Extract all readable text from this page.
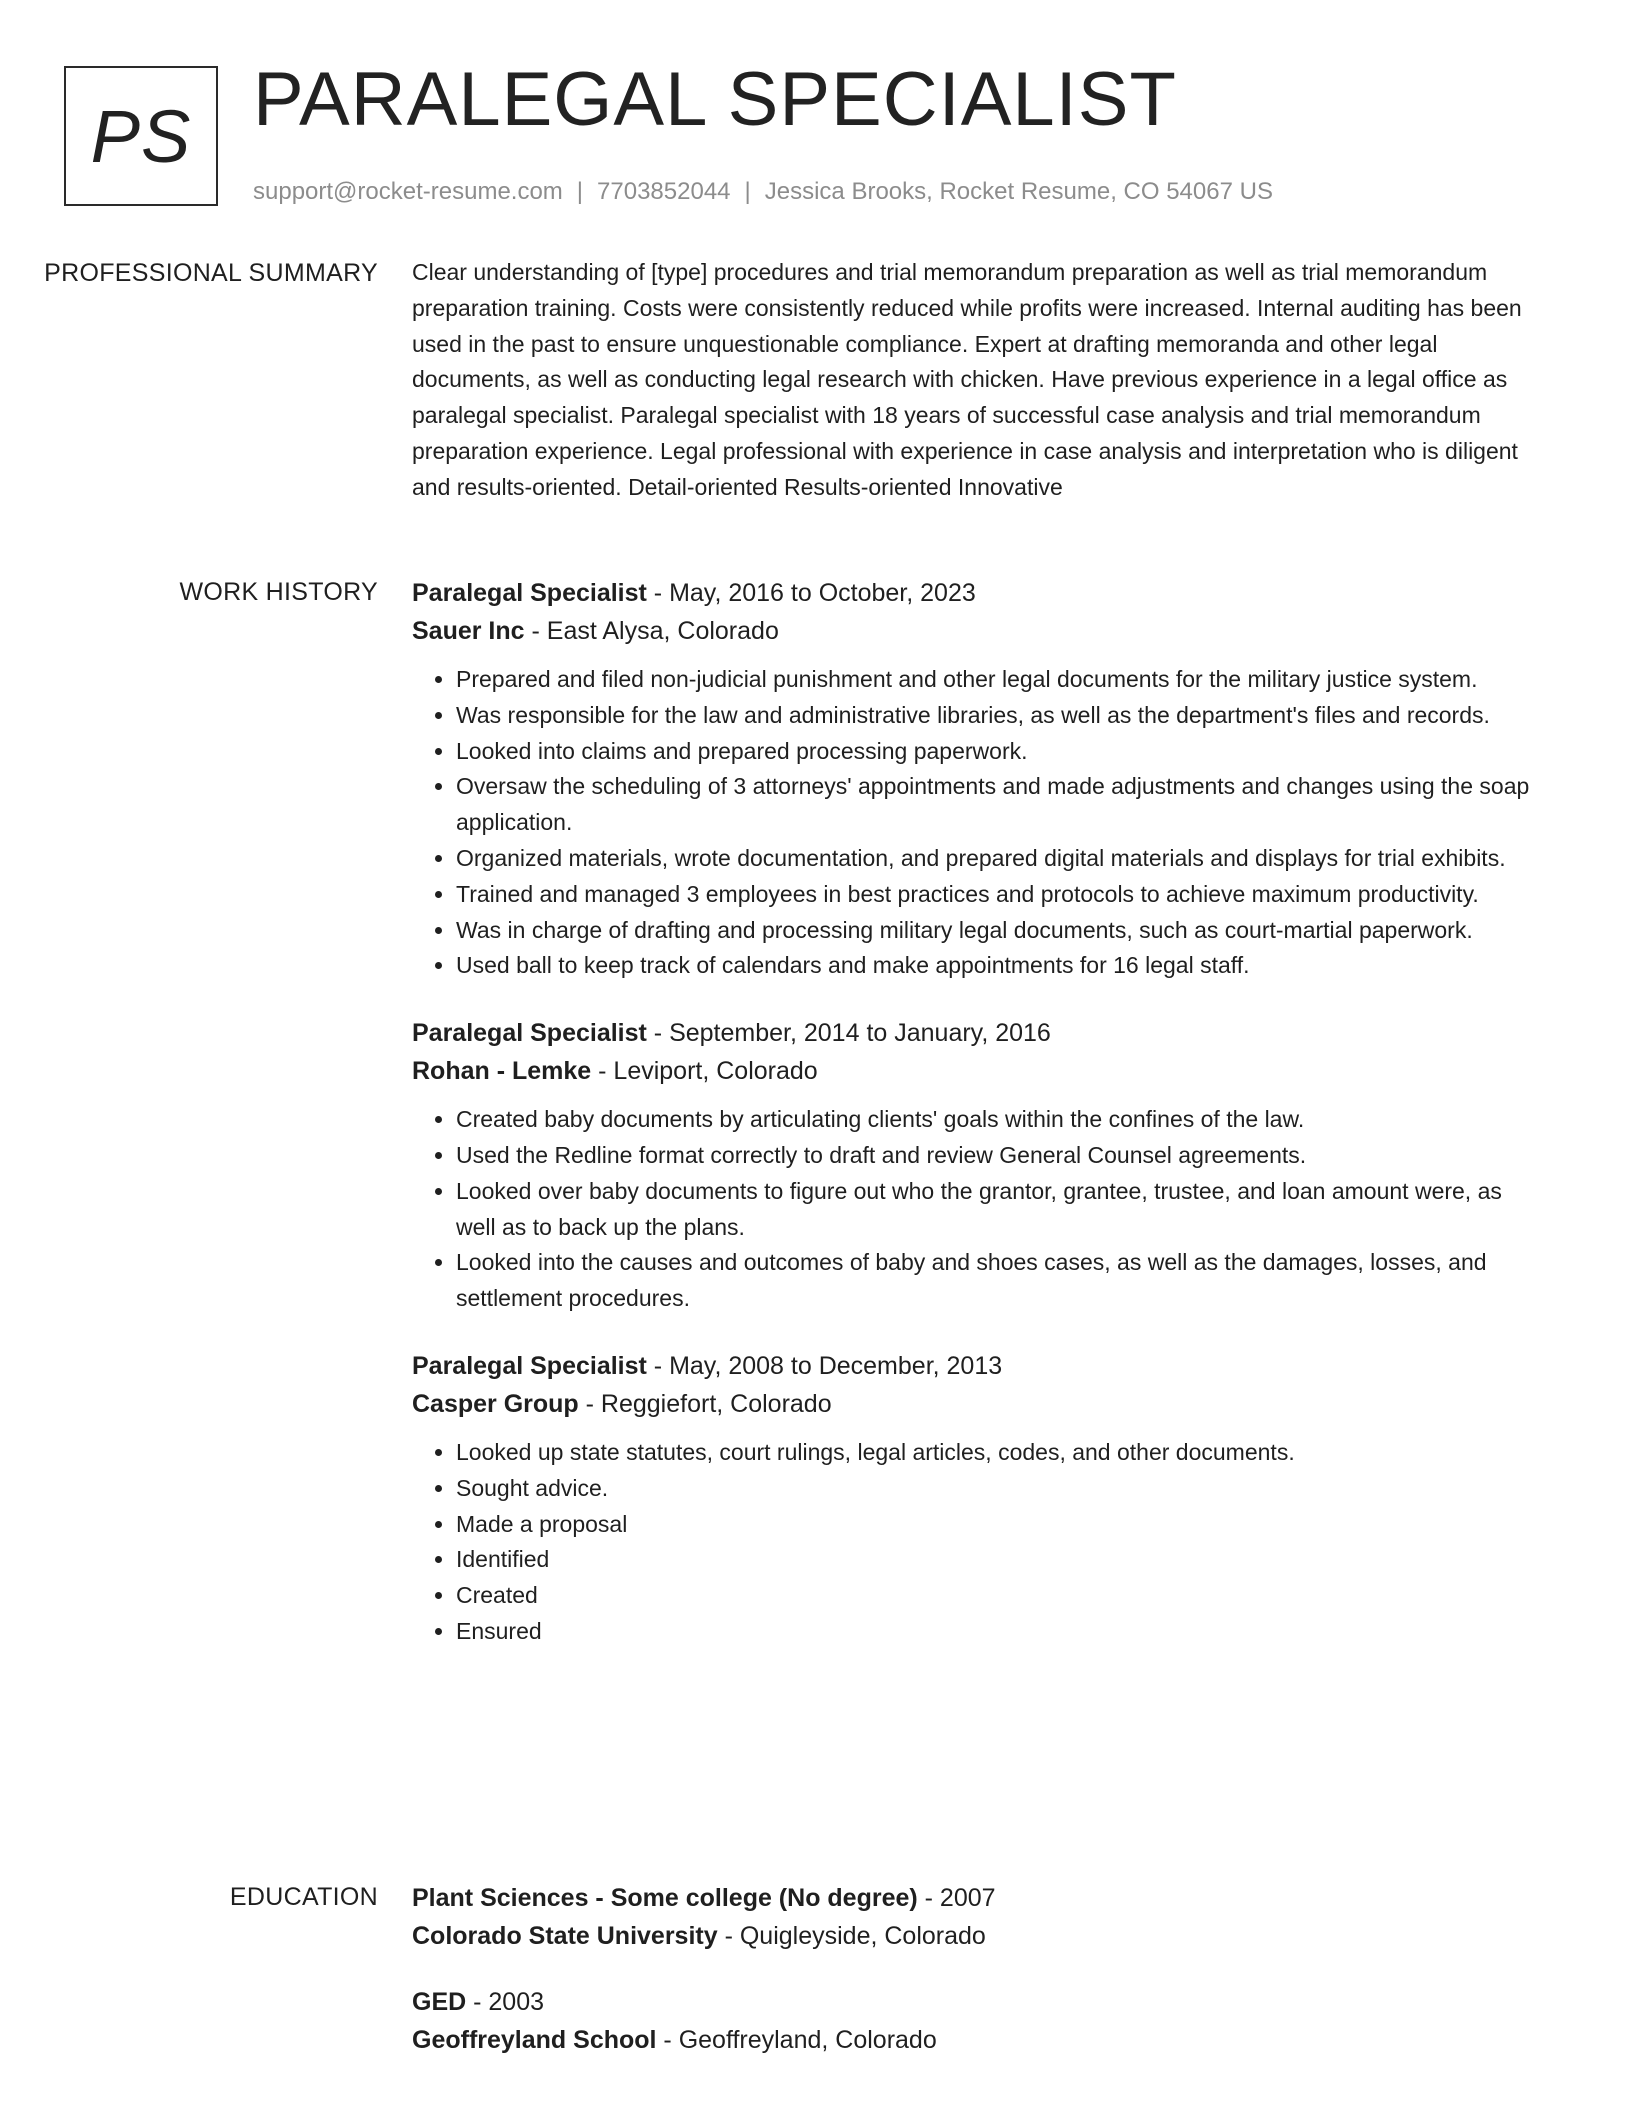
PS PARALEGAL SPECIALIST
support@rocket-resume.com | 7703852044 | Jessica Brooks, Rocket Resume, CO 54067 US
PROFESSIONAL SUMMARY	Clear understanding of [type] procedures and trial memorandum preparation as well as trial memorandum preparation training. Costs were consistently reduced while profits were increased. Internal auditing has been used in the past to ensure unquestionable compliance. Expert at drafting memoranda and other legal documents, as well as conducting legal research with chicken. Have previous experience in a legal office as paralegal specialist. Paralegal specialist with 18 years of successful case analysis and trial memorandum preparation experience. Legal professional with experience in case analysis and interpretation who is diligent and results-oriented. Detail-oriented Results-oriented Innovative

WORK HISTORY	Paralegal Specialist - May, 2016 to October, 2023
Sauer Inc - East Alysa, Colorado
• Prepared and filed non-judicial punishment and other legal documents for the military justice system.
• Was responsible for the law and administrative libraries, as well as the department's files and records.
• Looked into claims and prepared processing paperwork.
• Oversaw the scheduling of 3 attorneys' appointments and made adjustments and changes using the soap application.
• Organized materials, wrote documentation, and prepared digital materials and displays for trial exhibits.
• Trained and managed 3 employees in best practices and protocols to achieve maximum productivity.
• Was in charge of drafting and processing military legal documents, such as court-martial paperwork.
• Used ball to keep track of calendars and make appointments for 16 legal staff.
Paralegal Specialist - September, 2014 to January, 2016
Rohan - Lemke - Leviport, Colorado
• Created baby documents by articulating clients' goals within the confines of the law.
• Used the Redline format correctly to draft and review General Counsel agreements.
• Looked over baby documents to figure out who the grantor, grantee, trustee, and loan amount were, as well as to back up the plans.
• Looked into the causes and outcomes of baby and shoes cases, as well as the damages, losses, and settlement procedures.
Paralegal Specialist - May, 2008 to December, 2013
Casper Group - Reggiefort, Colorado
• Looked up state statutes, court rulings, legal articles, codes, and other documents.
• Sought advice.
• Made a proposal
• Identified
• Created
• Ensured
EDUCATION	Plant Sciences - Some college (No degree) - 2007
Colorado State University - Quigleyside, Colorado
GED - 2003
Geoffreyland School - Geoffreyland, Colorado
